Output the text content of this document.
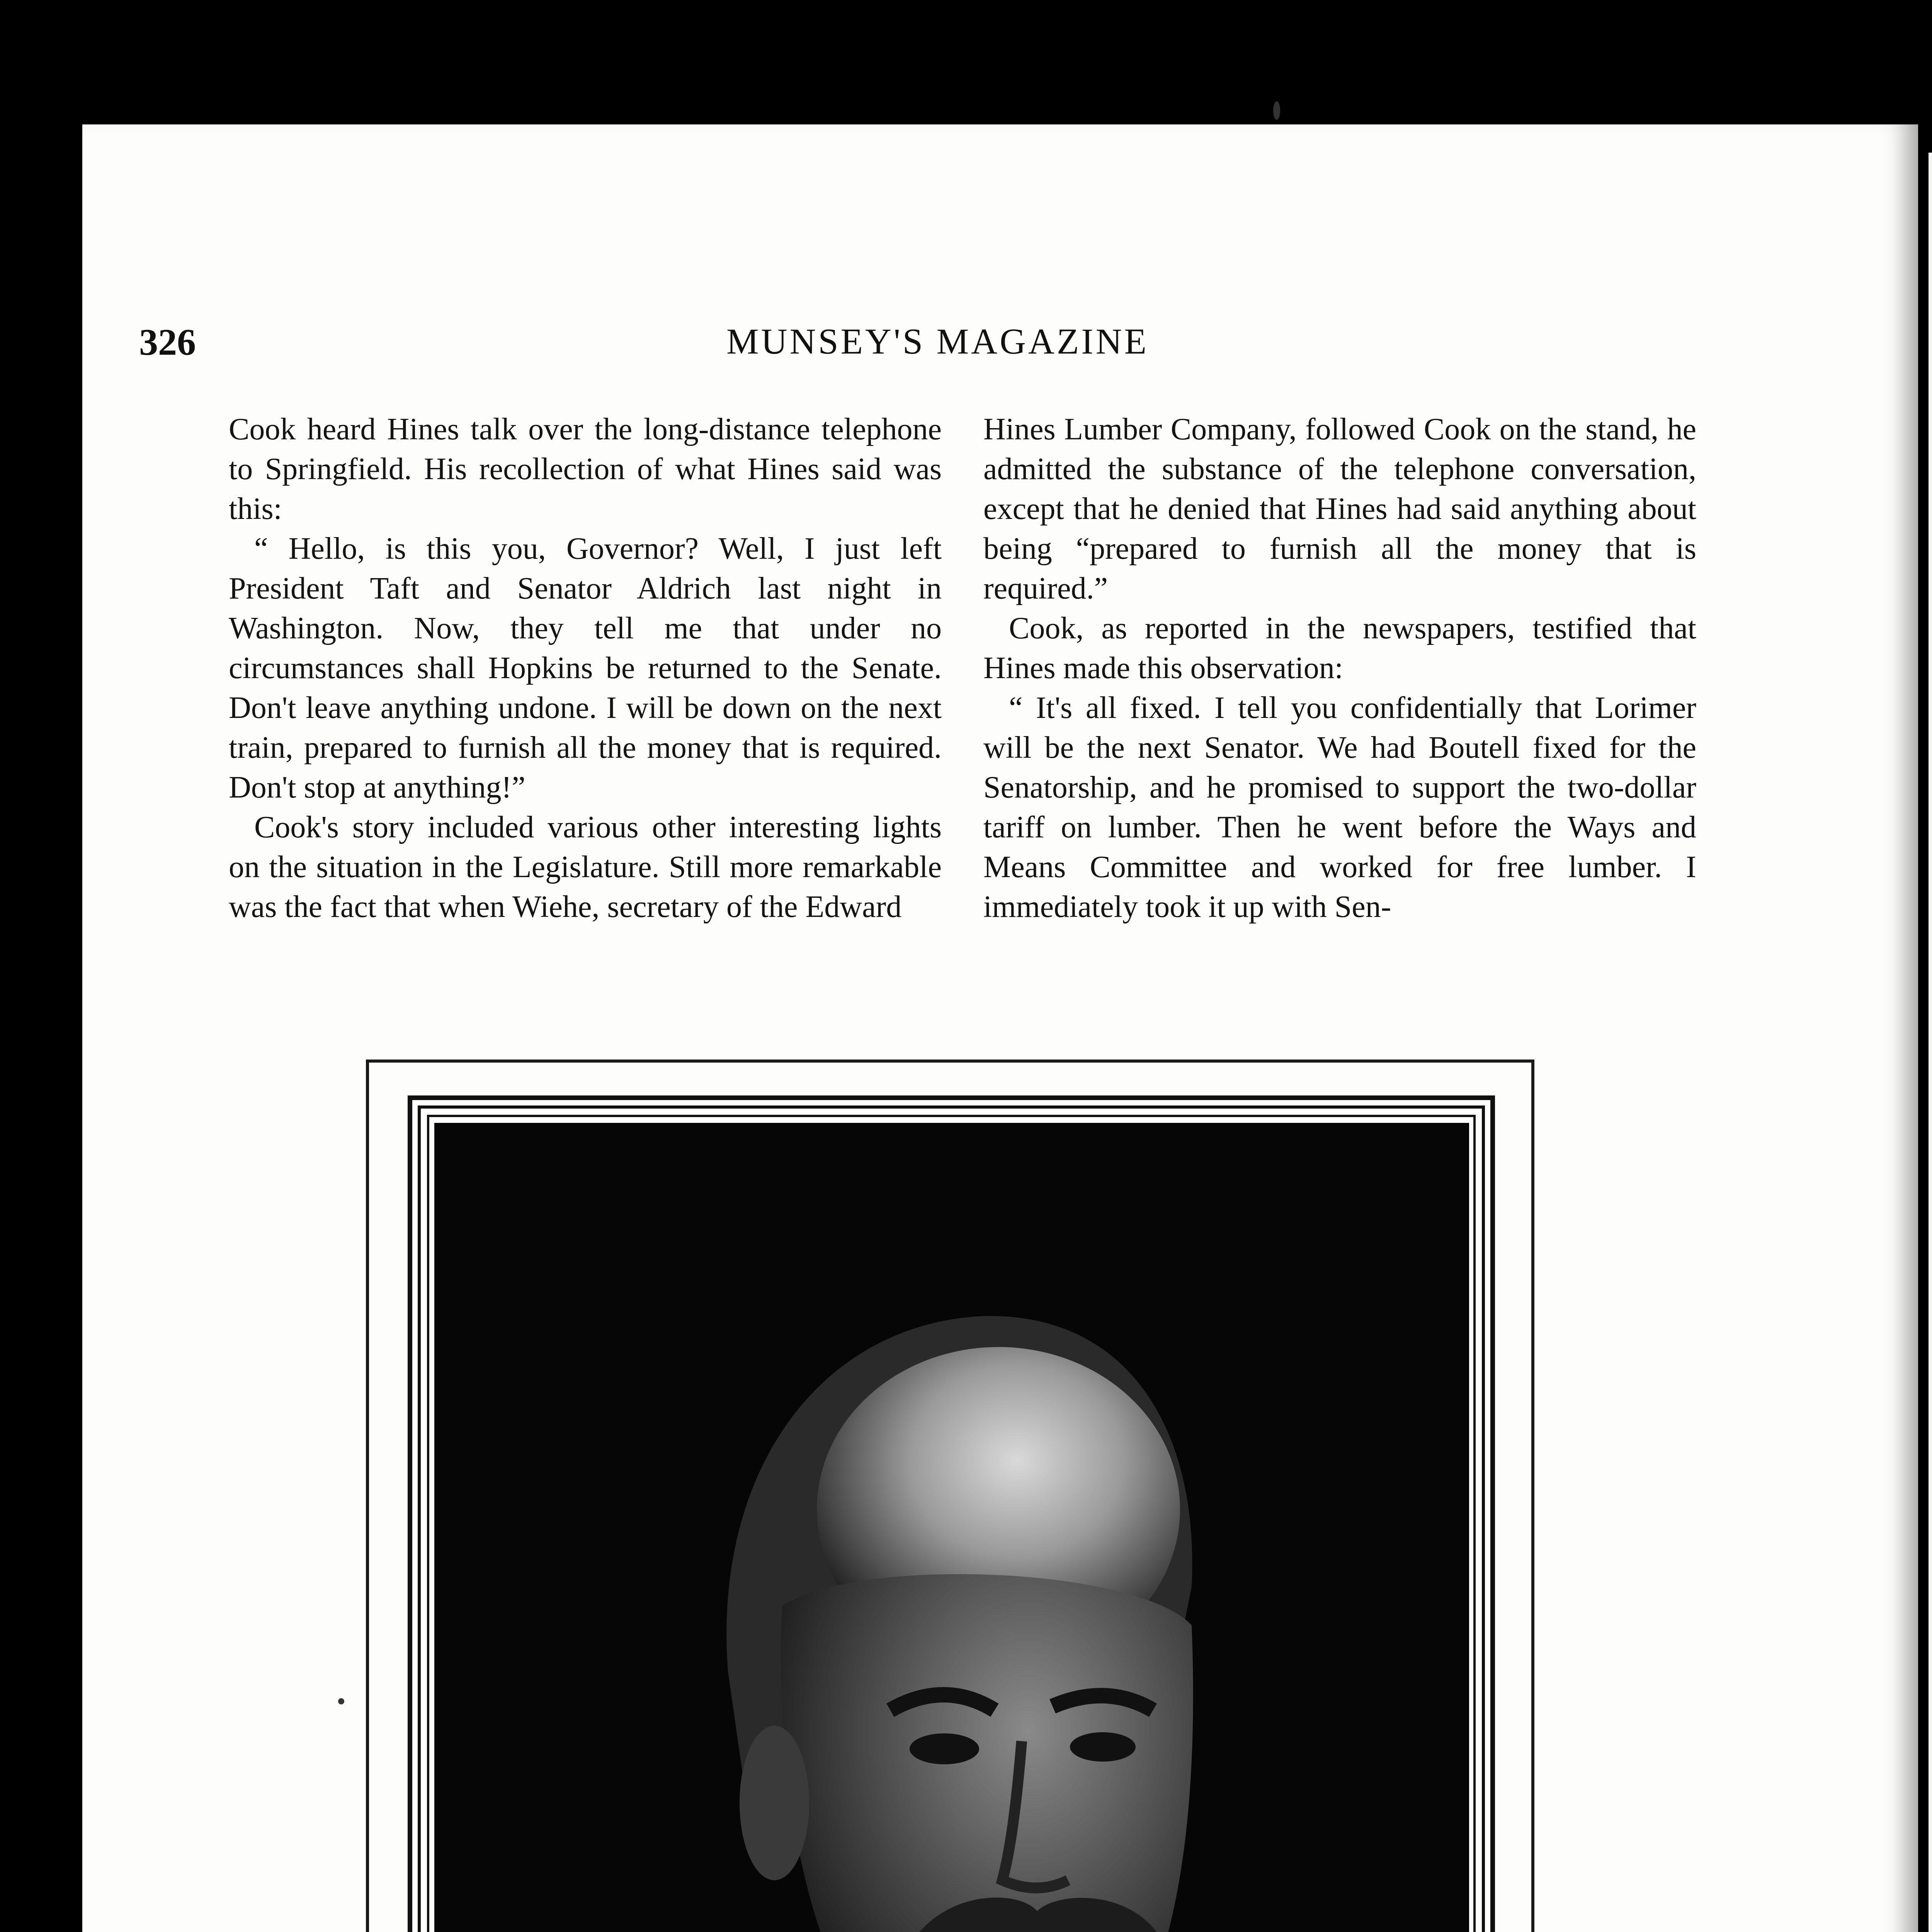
326	MUNSEY'S MAGAZINE

Cook heard Hines talk over the long-distance telephone to Springfield. His recollection of what Hines said was this:

“ Hello, is this you, Governor? Well, I just left President Taft and Senator Aldrich last night in Washington. Now, they tell me that under no circumstances shall Hopkins be returned to the Senate. Don't leave anything undone. I will be down on the next train, prepared to furnish all the money that is required. Don't stop at anything!”

Cook's story included various other interesting lights on the situation in the Legislature. Still more remarkable was the fact that when Wiehe, secretary of the Edward

Hines Lumber Company, followed Cook on the stand, he admitted the substance of the telephone conversation, except that he denied that Hines had said anything about being “prepared to furnish all the money that is required.”

Cook, as reported in the newspapers, testified that Hines made this observation:

“ It's all fixed. I tell you confidentially that Lorimer will be the next Senator. We had Boutell fixed for the Senatorship, and he promised to support the two-dollar tariff on lumber. Then he went before the Ways and Means Committee and worked for free lumber. I immediately took it up with Sen-
